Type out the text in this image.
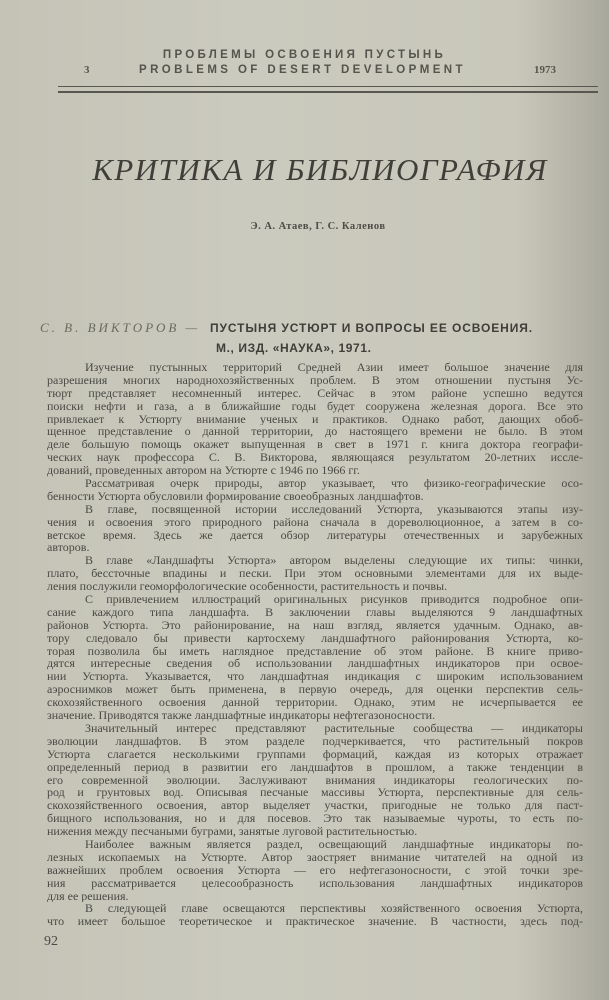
ПРОБЛЕМЫ ОСВОЕНИЯ ПУСТЫНЬ
3	PROBLEMS OF DESERT DEVELOPMENT	1973
КРИТИКА И БИБЛИОГРАФИЯ
Э. А. Атаев, Г. С. Каленов
С. В. ВИКТОРОВ — ПУСТЫНЯ УСТЮРТ И ВОПРОСЫ ЕЕ ОСВОЕНИЯ.
М., ИЗД. «НАУКА», 1971.
Изучение пустынных территорий Средней Азии имеет большое значение для
разрешения многих народнохозяйственных проблем. В этом отношении пустыня Ус-
тюрт представляет несомненный интерес. Сейчас в этом районе успешно ведутся
поиски нефти и газа, а в ближайшие годы будет сооружена железная дорога. Все это
привлекает к Устюрту внимание ученых и практиков. Однако работ, дающих обоб-
щенное представление о данной территории, до настоящего времени не было. В этом
деле большую помощь окажет выпущенная в свет в 1971 г. книга доктора географи-
ческих наук профессора С. В. Викторова, являющаяся результатом 20-летних иссле-
дований, проведенных автором на Устюрте с 1946 по 1966 гг.
Рассматривая очерк природы, автор указывает, что физико-географические осо-
бенности Устюрта обусловили формирование своеобразных ландшафтов.
В главе, посвященной истории исследований Устюрта, указываются этапы изу-
чения и освоения этого природного района сначала в дореволюционное, а затем в со-
ветское время. Здесь же дается обзор литературы отечественных и зарубежных
авторов.
В главе «Ландшафты Устюрта» автором выделены следующие их типы: чинки,
плато, бессточные впадины и пески. При этом основными элементами для их выде-
ления послужили геоморфологические особенности, растительность и почвы.
С привлечением иллюстраций оригинальных рисунков приводится подробное опи-
сание каждого типа ландшафта. В заключении главы выделяются 9 ландшафтных
районов Устюрта. Это районирование, на наш взгляд, является удачным. Однако, ав-
тору следовало бы привести картосхему ландшафтного районирования Устюрта, ко-
торая позволила бы иметь наглядное представление об этом районе. В книге приво-
дятся интересные сведения об использовании ландшафтных индикаторов при освое-
нии Устюрта. Указывается, что ландшафтная индикация с широким использованием
аэроснимков может быть применена, в первую очередь, для оценки перспектив сель-
скохозяйственного освоения данной территории. Однако, этим не исчерпывается ее
значение. Приводятся также ландшафтные индикаторы нефтегазоносности.
Значительный интерес представляют растительные сообщества — индикаторы
эволюции ландшафтов. В этом разделе подчеркивается, что растительный покров
Устюрта слагается несколькими группами формаций, каждая из которых отражает
определенный период в развитии его ландшафтов в прошлом, а также тенденции в
его современной эволюции. Заслуживают внимания индикаторы геологических по-
род и грунтовых вод. Описывая песчаные массивы Устюрта, перспективные для сель-
скохозяйственного освоения, автор выделяет участки, пригодные не только для паст-
бищного использования, но и для посевов. Это так называемые чуроты, то есть по-
нижения между песчаными буграми, занятые луговой растительностью.
Наиболее важным является раздел, освещающий ландшафтные индикаторы по-
лезных ископаемых на Устюрте. Автор заостряет внимание читателей на одной из
важнейших проблем освоения Устюрта — его нефтегазоносности, с этой точки зре-
ния рассматривается целесообразность использования ландшафтных индикаторов
для ее решения.
В следующей главе освещаются перспективы хозяйственного освоения Устюрта,
что имеет большое теоретическое и практическое значение. В частности, здесь под-
92
